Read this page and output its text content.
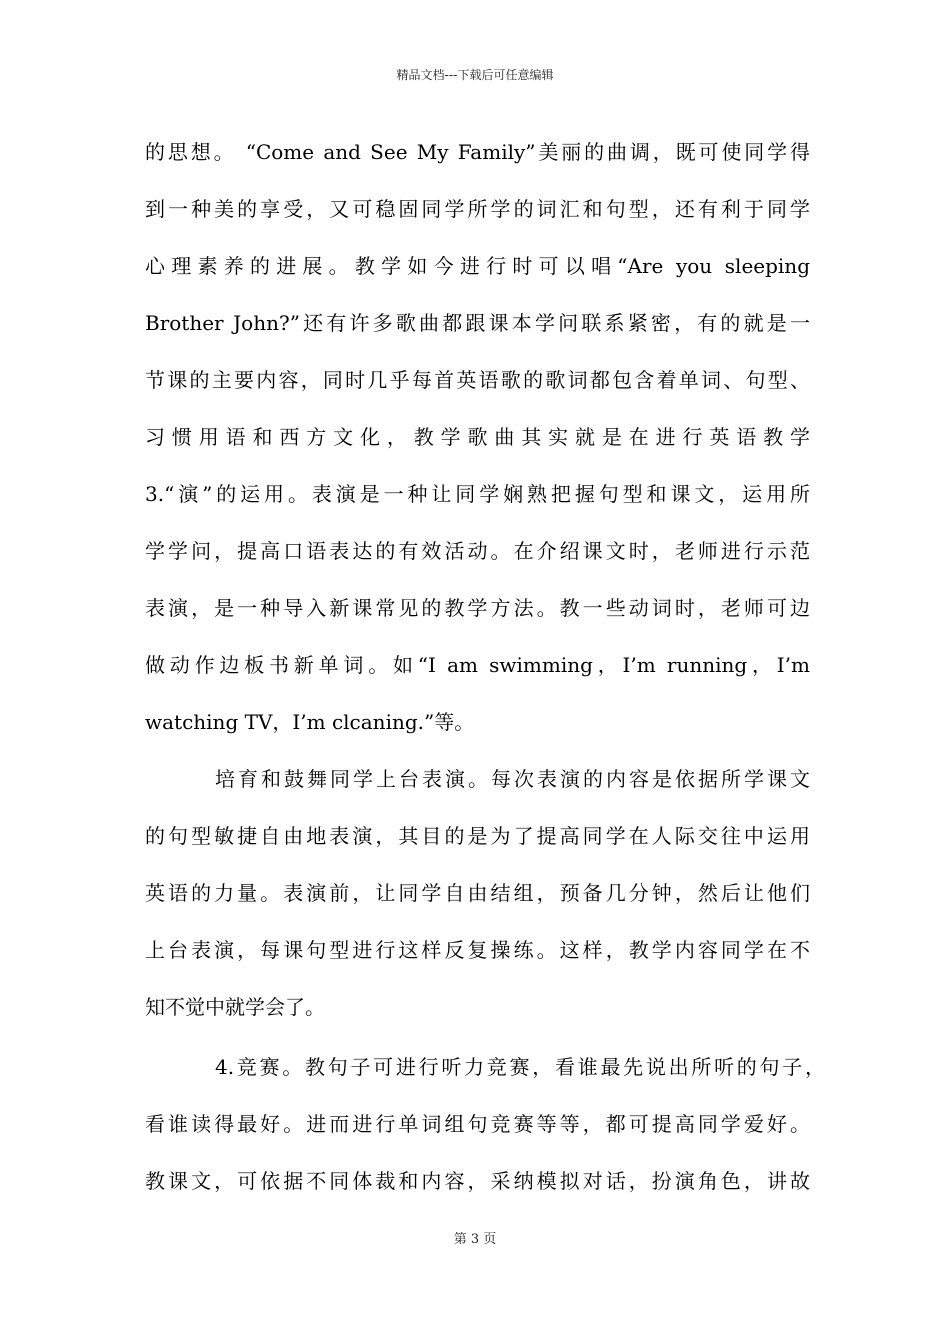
精品文档---下载后可任意编辑
的思想。 “Come and See My Family”美丽的曲调，既可使同学得
到一种美的享受，又可稳固同学所学的词汇和句型，还有利于同学
心理素养的进展。教学如今进行时可以唱“Are you sleeping
Brother John?”还有许多歌曲都跟课本学问联系紧密，有的就是一
节课的主要内容，同时几乎每首英语歌的歌词都包含着单词、句型、
习惯用语和西方文化，教学歌曲其实就是在进行英语教学
3.“演”的运用。表演是一种让同学娴熟把握句型和课文，运用所
学学问，提高口语表达的有效活动。在介绍课文时，老师进行示范
表演，是一种导入新课常见的教学方法。教一些动词时，老师可边
做动作边板书新单词。如“I am swimming，I’m running，I’m
watching TV，I’m clcaning.”等。
培育和鼓舞同学上台表演。每次表演的内容是依据所学课文
的句型敏捷自由地表演，其目的是为了提高同学在人际交往中运用
英语的力量。表演前，让同学自由结组，预备几分钟，然后让他们
上台表演，每课句型进行这样反复操练。这样，教学内容同学在不
知不觉中就学会了。
4.竞赛。教句子可进行听力竞赛，看谁最先说出所听的句子，
看谁读得最好。进而进行单词组句竞赛等等，都可提高同学爱好。
教课文，可依据不同体裁和内容，采纳模拟对话，扮演角色，讲故
第 3 页
